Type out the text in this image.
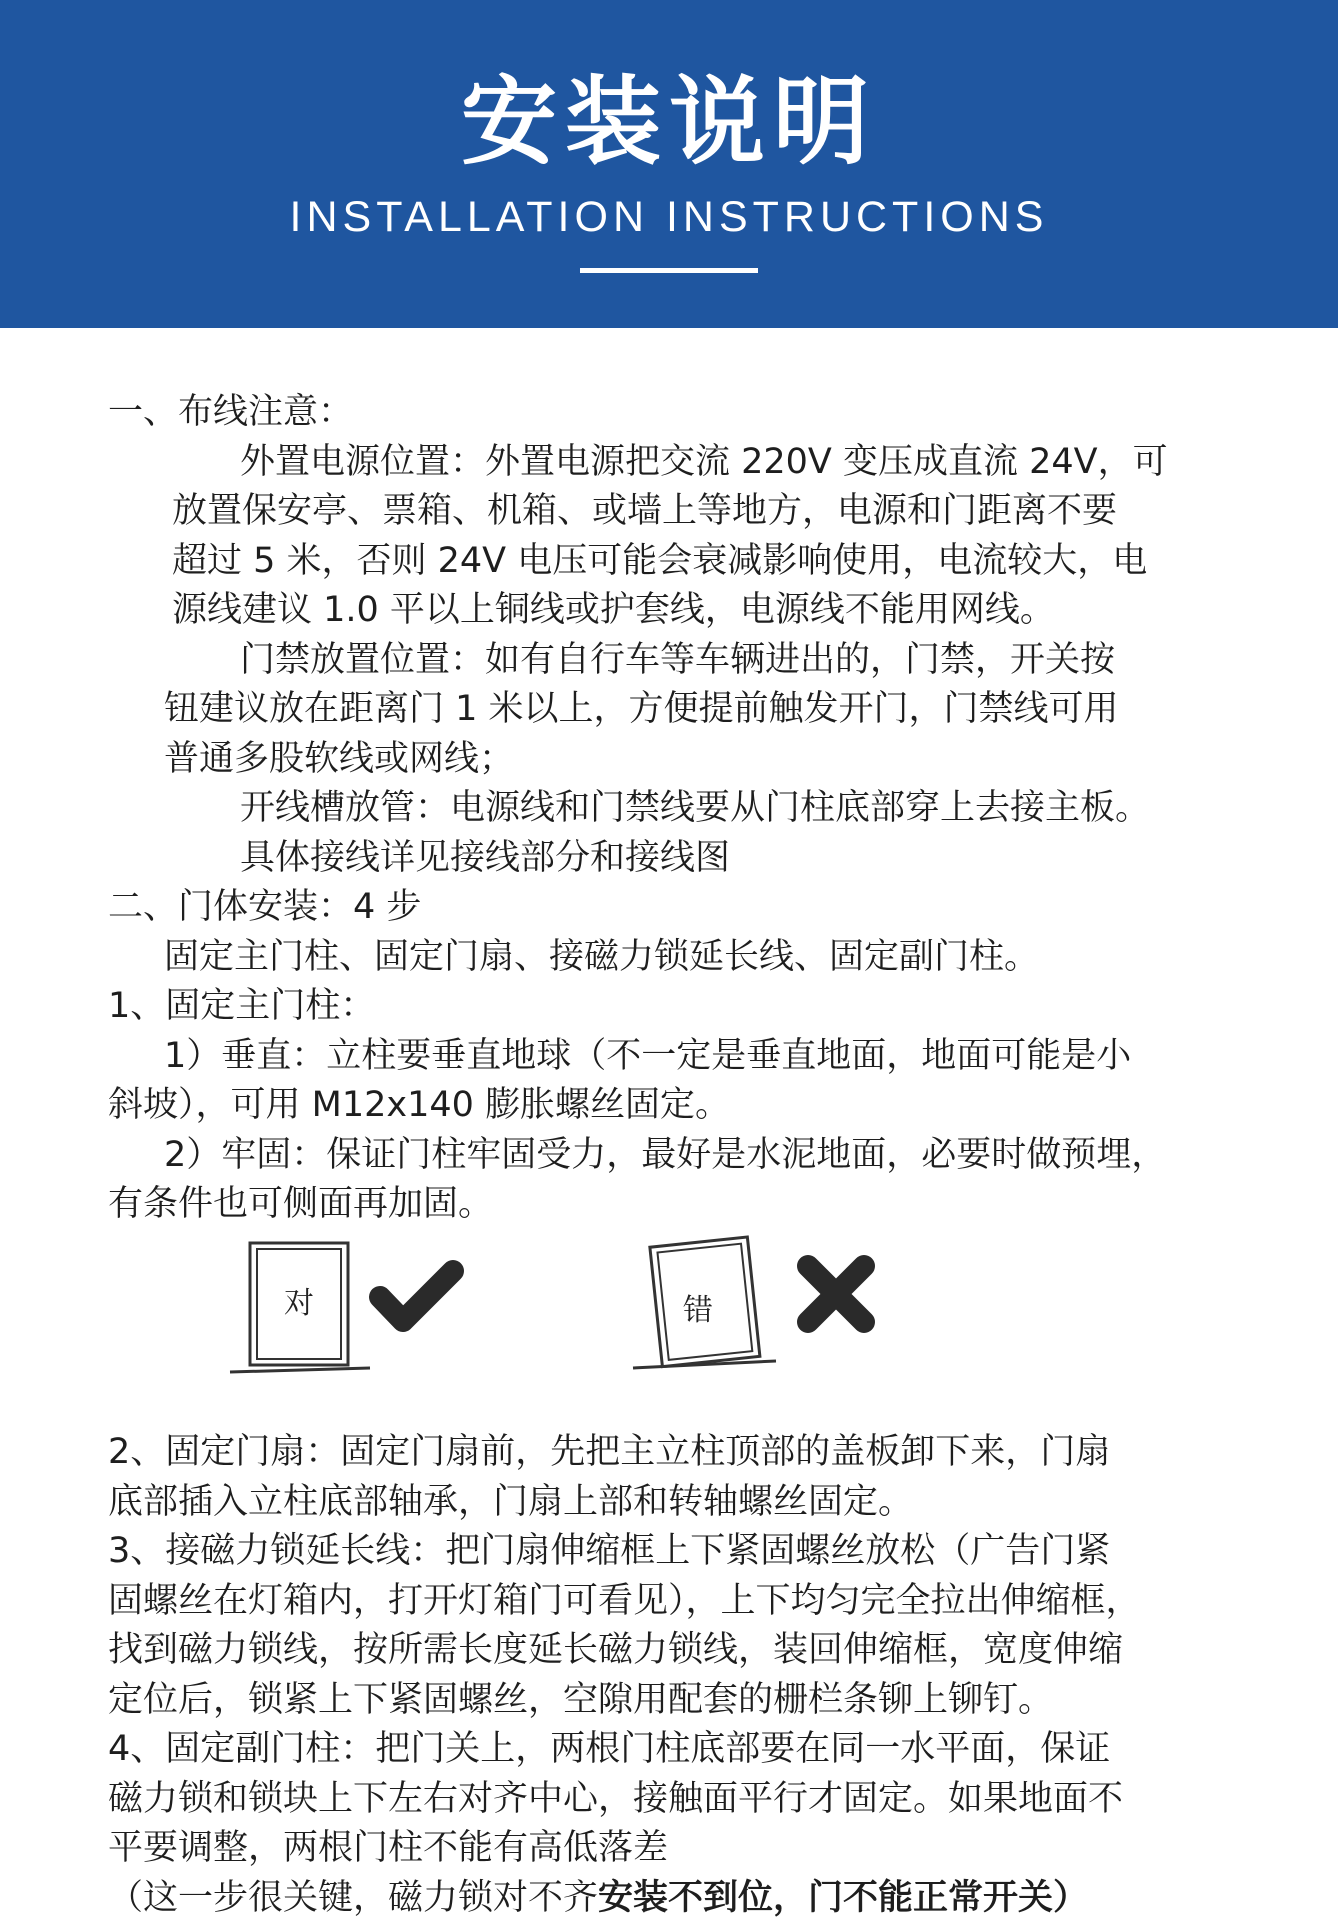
安装说明
INSTALLATION INSTRUCTIONS
一、布线注意：
外置电源位置：外置电源把交流 220V 变压成直流 24V，可
放置保安亭、票箱、机箱、或墙上等地方，电源和门距离不要
超过 5 米，否则 24V 电压可能会衰减影响使用，电流较大，电
源线建议 1.0 平以上铜线或护套线，电源线不能用网线。
门禁放置位置：如有自行车等车辆进出的，门禁，开关按
钮建议放在距离门 1 米以上，方便提前触发开门，门禁线可用
普通多股软线或网线；
开线槽放管：电源线和门禁线要从门柱底部穿上去接主板。
具体接线详见接线部分和接线图
二、门体安装：4 步
固定主门柱、固定门扇、接磁力锁延长线、固定副门柱。
1、固定主门柱：
1）垂直：立柱要垂直地球（不一定是垂直地面，地面可能是小
斜坡），可用 M12x140 膨胀螺丝固定。
2）牢固：保证门柱牢固受力，最好是水泥地面，必要时做预埋，
有条件也可侧面再加固。
对	错
2、固定门扇：固定门扇前，先把主立柱顶部的盖板卸下来，门扇
底部插入立柱底部轴承，门扇上部和转轴螺丝固定。
3、接磁力锁延长线：把门扇伸缩框上下紧固螺丝放松（广告门紧
固螺丝在灯箱内，打开灯箱门可看见），上下均匀完全拉出伸缩框，
找到磁力锁线，按所需长度延长磁力锁线，装回伸缩框，宽度伸缩
定位后，锁紧上下紧固螺丝，空隙用配套的栅栏条铆上铆钉。
4、固定副门柱：把门关上，两根门柱底部要在同一水平面，保证
磁力锁和锁块上下左右对齐中心，接触面平行才固定。如果地面不
平要调整，两根门柱不能有高低落差
（这一步很关键，磁力锁对不齐安装不到位，门不能正常开关）
